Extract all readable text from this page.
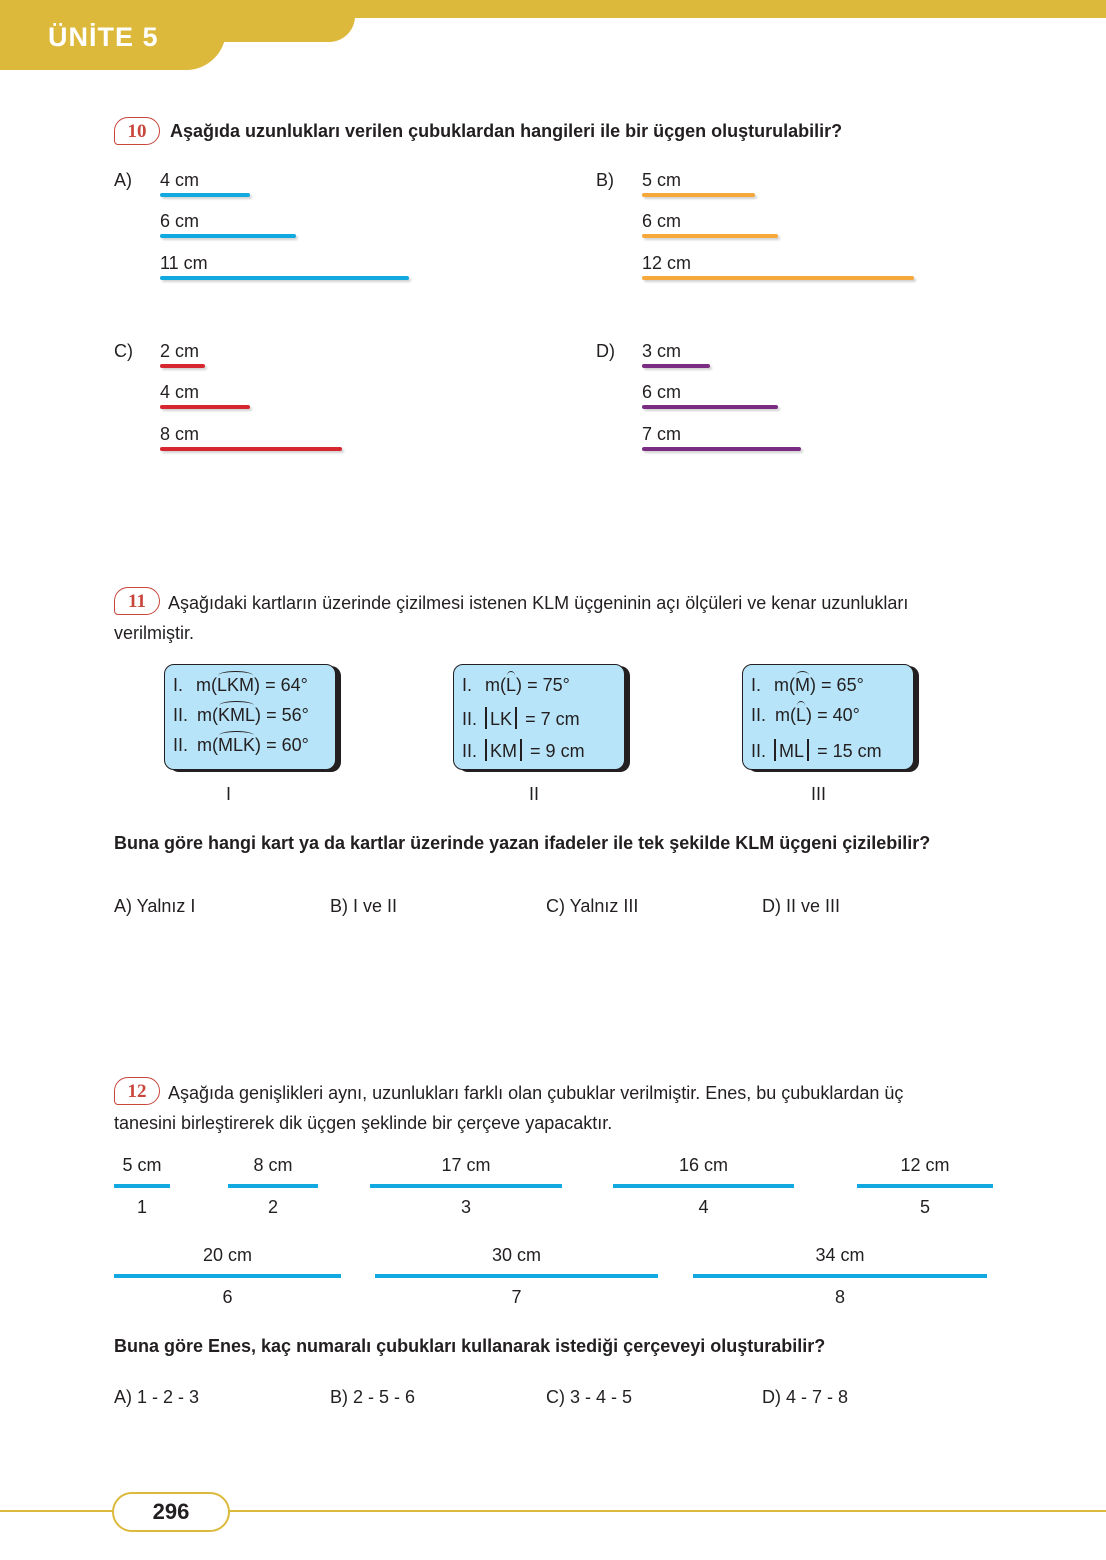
ÜNİTE 5
10	Aşağıda uzunlukları verilen çubuklardan hangileri ile bir üçgen oluşturulabilir?
A) 4 cm
6 cm
11 cm
B) 5 cm
6 cm
12 cm
C) 2 cm
4 cm
8 cm
D) 3 cm
6 cm
7 cm
11	Aşağıdaki kartların üzerinde çizilmesi istenen KLM üçgeninin açı ölçüleri ve kenar uzunlukları
verilmiştir.
I. m(LKM) = 64°
II. m(KML) = 56°
II. m(MLK) = 60°
I. m(L) = 75°
II. LK = 7 cm
II. KM = 9 cm
I. m(M) = 65°
II. m(L) = 40°
II. ML = 15 cm
I	II	III
Buna göre hangi kart ya da kartlar üzerinde yazan ifadeler ile tek şekilde KLM üçgeni çizilebilir?
A) Yalnız I	B) I ve II	C) Yalnız III	D) II ve III
12	Aşağıda genişlikleri aynı, uzunlukları farklı olan çubuklar verilmiştir. Enes, bu çubuklardan üç
tanesini birleştirerek dik üçgen şeklinde bir çerçeve yapacaktır.
5 cm
1
8 cm
2
17 cm
3
16 cm
4
12 cm
5
20 cm
6
30 cm
7
34 cm
8
Buna göre Enes, kaç numaralı çubukları kullanarak istediği çerçeveyi oluşturabilir?
A) 1 - 2 - 3	B) 2 - 5 - 6	C) 3 - 4 - 5	D) 4 - 7 - 8
296
